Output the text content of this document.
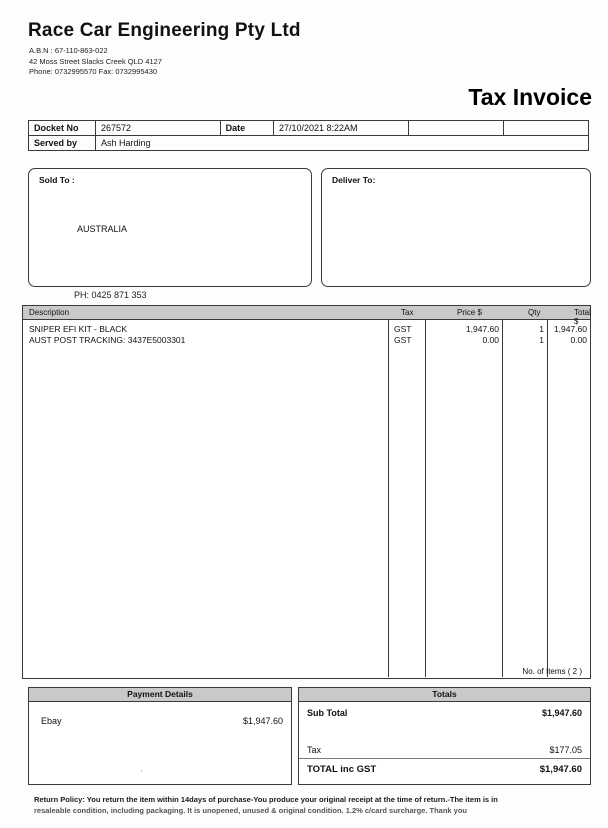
Race Car Engineering Pty Ltd
A.B.N : 67-110-863-022
42 Moss Street Slacks Creek QLD 4127
Phone: 0732995570 Fax: 0732995430
Tax Invoice
Docket No	267572	Date	27/10/2021 8:22AM		
Served by	Ash Harding				
Sold To :
AUSTRALIA
Deliver To:
PH: 0425 871 353
Description	Tax	Price $	Qty	Total $
SNIPER EFI KIT - BLACK	GST	1,947.60	1	1,947.60
AUST POST TRACKING: 3437E5003301	GST	0.00	1	0.00
No. of Items ( 2 )
Payment Details
Ebay	$1,947.60
'
Totals
Sub Total	$1,947.60
Tax	$177.05
TOTAL inc GST	$1,947.60
Return Policy: You return the item within 14days of purchase-You produce your original receipt at the time of return.-The item is in
resaleable condition, including packaging. It is unopened, unused & original condition. 1.2% c/card surcharge. Thank you
